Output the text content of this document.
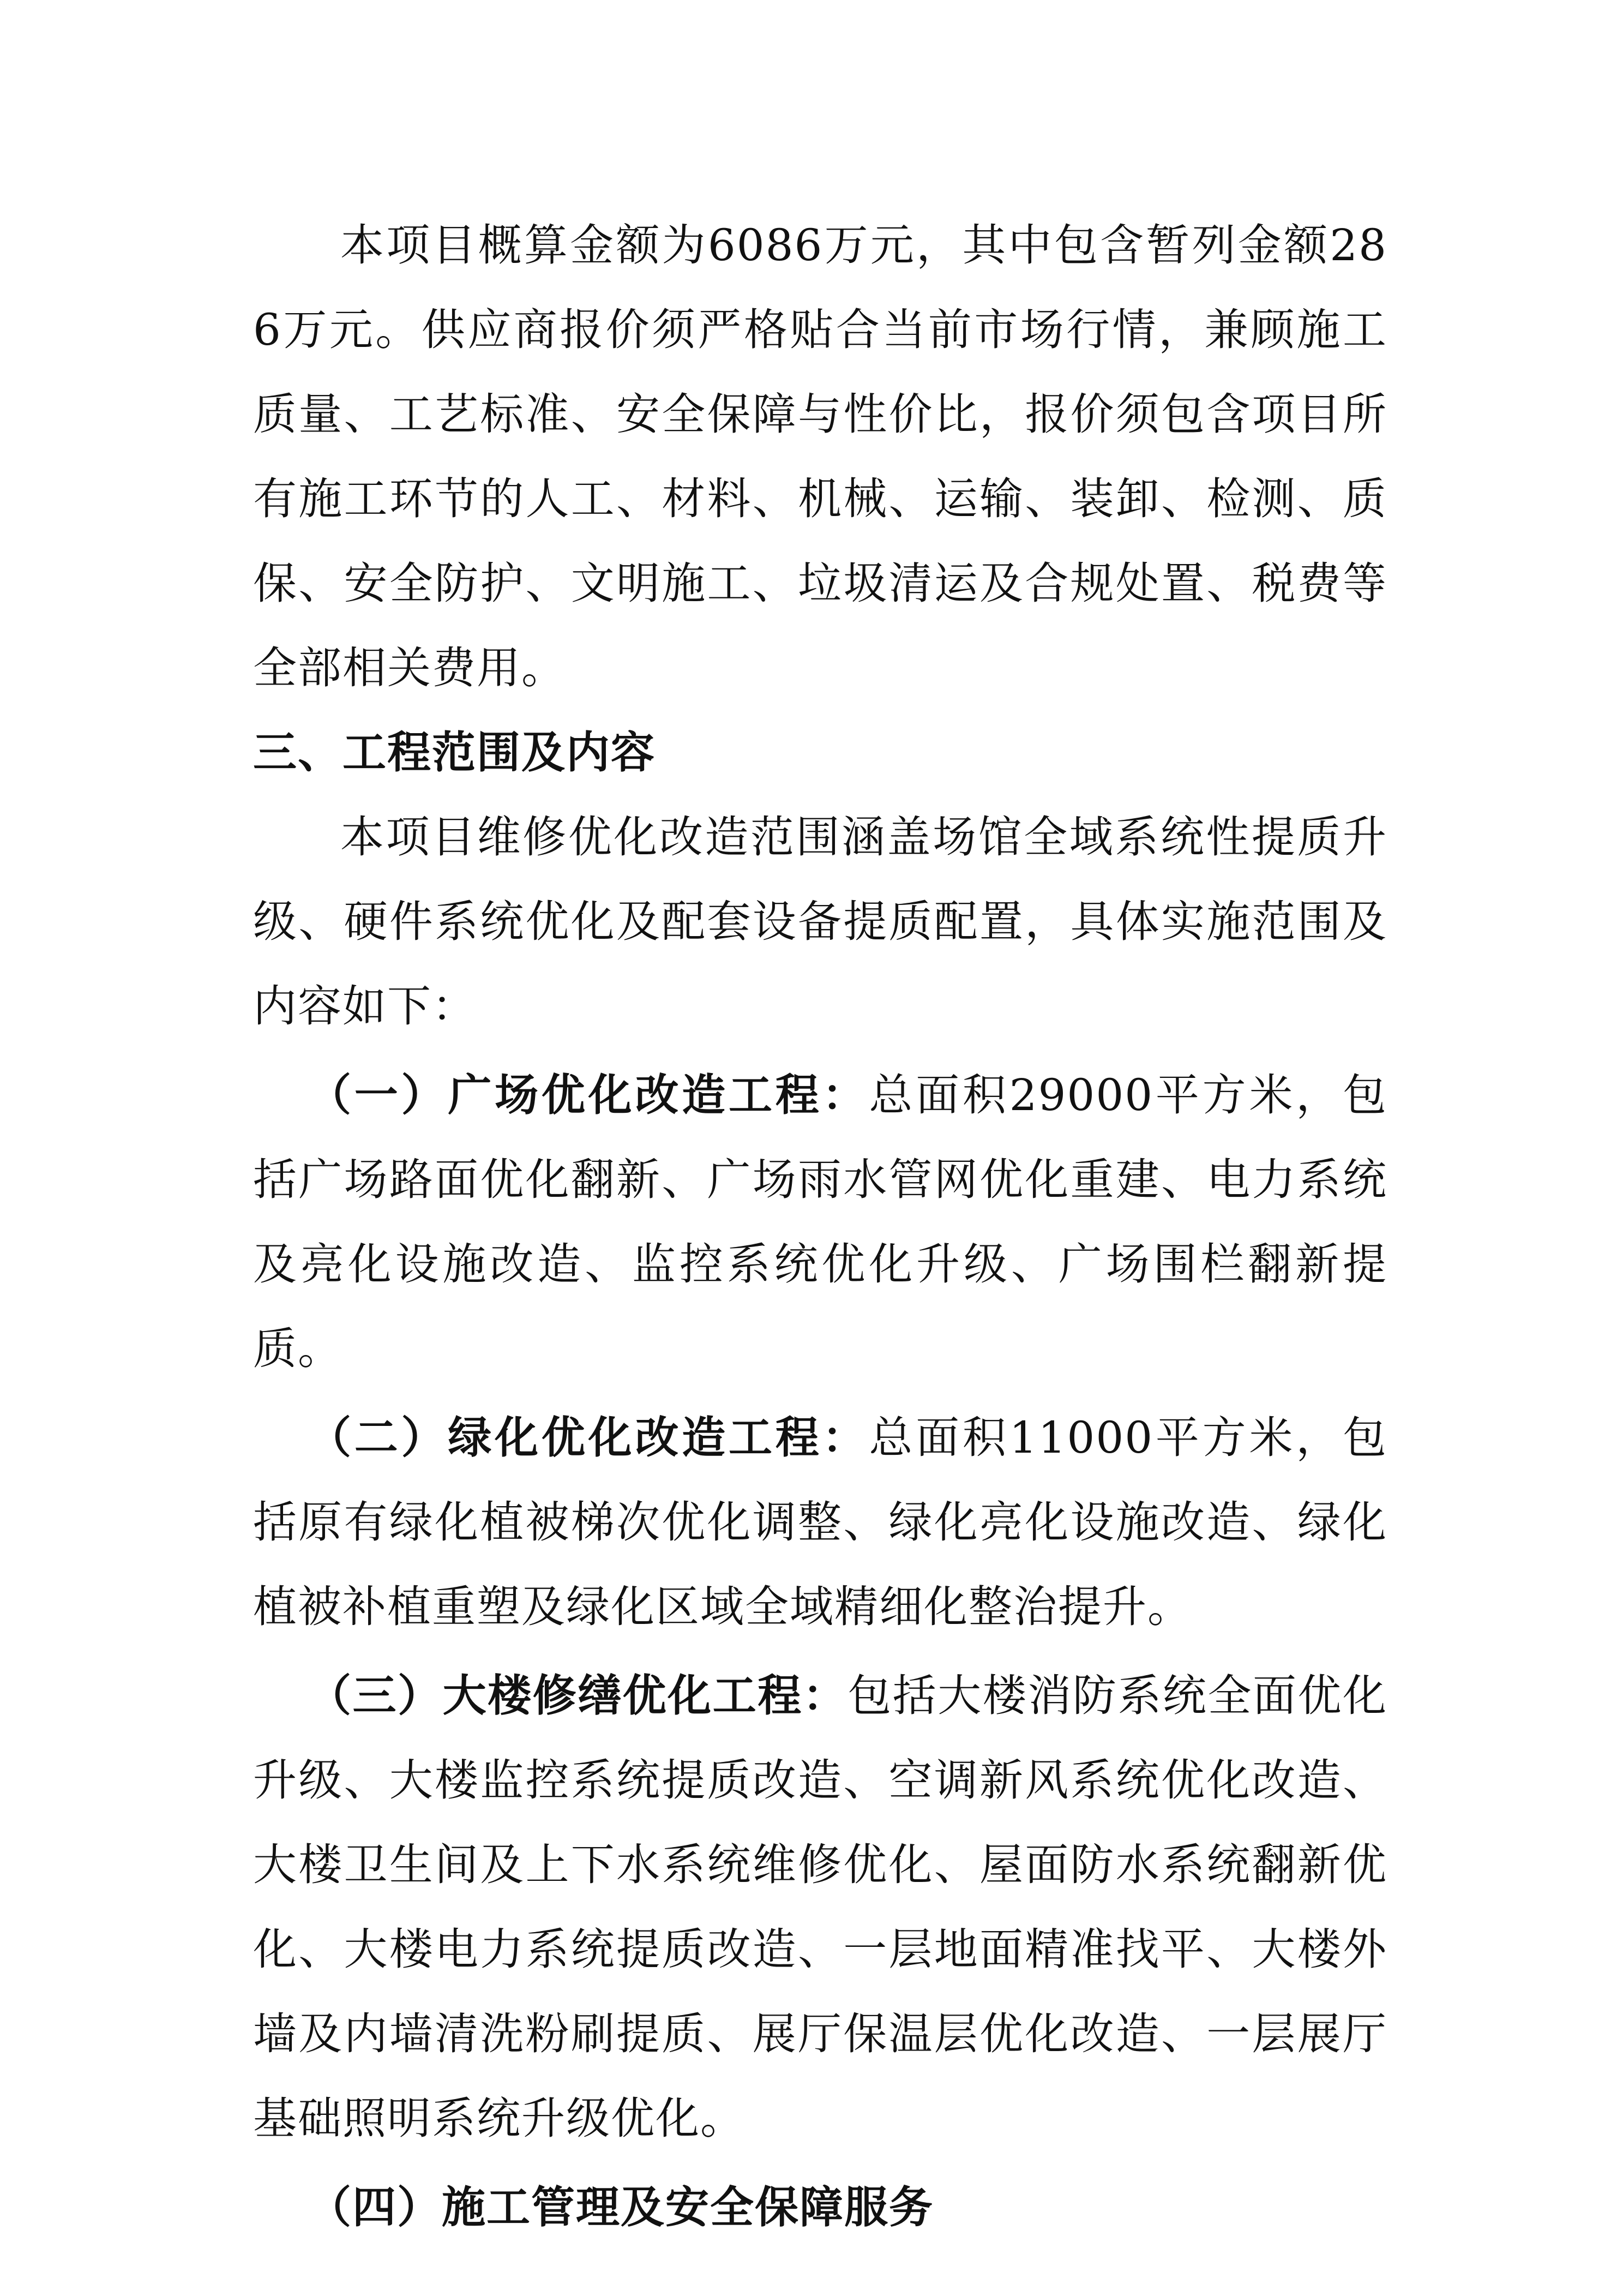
本项目概算金额为6086万元，其中包含暂列金额286万元。供应商报价须严格贴合当前市场行情，兼顾施工质量、工艺标准、安全保障与性价比，报价须包含项目所有施工环节的人工、材料、机械、运输、装卸、检测、质保、安全防护、文明施工、垃圾清运及合规处置、税费等全部相关费用。

三、工程范围及内容

本项目维修优化改造范围涵盖场馆全域系统性提质升级、硬件系统优化及配套设备提质配置，具体实施范围及内容如下：

（一）广场优化改造工程：总面积29000平方米，包括广场路面优化翻新、广场雨水管网优化重建、电力系统及亮化设施改造、监控系统优化升级、广场围栏翻新提质。

（二）绿化优化改造工程：总面积11000平方米，包括原有绿化植被梯次优化调整、绿化亮化设施改造、绿化植被补植重塑及绿化区域全域精细化整治提升。

（三）大楼修缮优化工程：包括大楼消防系统全面优化升级、大楼监控系统提质改造、空调新风系统优化改造、大楼卫生间及上下水系统维修优化、屋面防水系统翻新优化、大楼电力系统提质改造、一层地面精准找平、大楼外墙及内墙清洗粉刷提质、展厅保温层优化改造、一层展厅基础照明系统升级优化。

（四）施工管理及安全保障服务
